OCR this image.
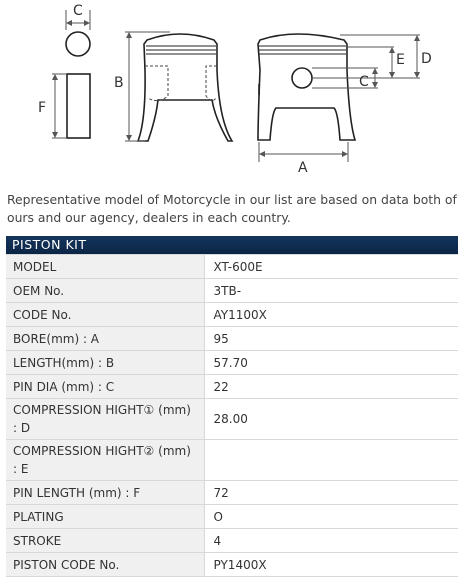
C
F
B
E D
C
A
Representative model of Motorcycle in our list are based on data both of ours and our agency, dealers in each country.
PISTON KIT
MODEL	XT-600E
OEM No.	3TB-
CODE No.	AY1100X
BORE(mm) : A	95
LENGTH(mm) : B	57.70
PIN DIA (mm) : C	22
COMPRESSION HIGHT① (mm) : D	28.00
COMPRESSION HIGHT② (mm) : E	
PIN LENGTH (mm) : F	72
PLATING	O
STROKE	4
PISTON CODE No.	PY1400X
